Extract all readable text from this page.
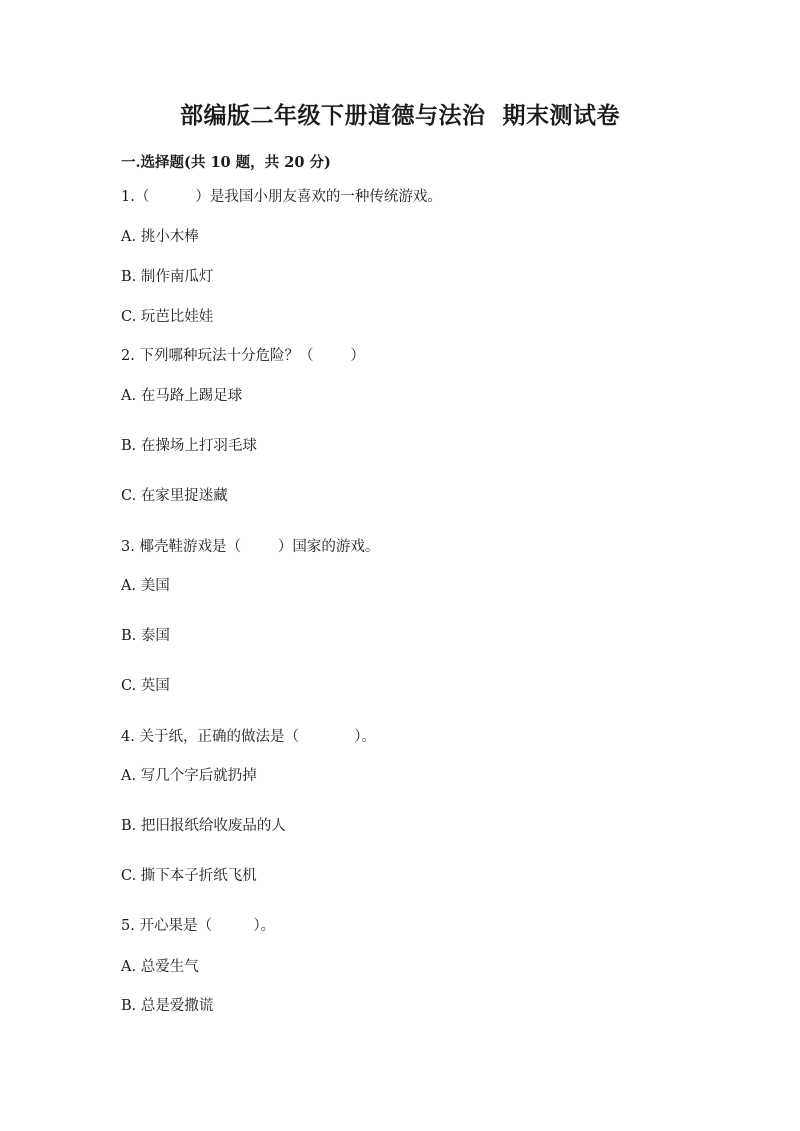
部编版二年级下册道德与法治  期末测试卷
一.选择题(共 10 题，共 20 分)
1.（          ）是我国小朋友喜欢的一种传统游戏。
A. 挑小木棒
B. 制作南瓜灯
C. 玩芭比娃娃
2. 下列哪种玩法十分危险？（        ）
A. 在马路上踢足球
B. 在操场上打羽毛球
C. 在家里捉迷藏
3. 椰壳鞋游戏是（        ）国家的游戏。
A. 美国
B. 泰国
C. 英国
4. 关于纸，正确的做法是（            ）。
A. 写几个字后就扔掉
B. 把旧报纸给收废品的人
C. 撕下本子折纸飞机
5. 开心果是（         ）。
A. 总爱生气
B. 总是爱撒谎
